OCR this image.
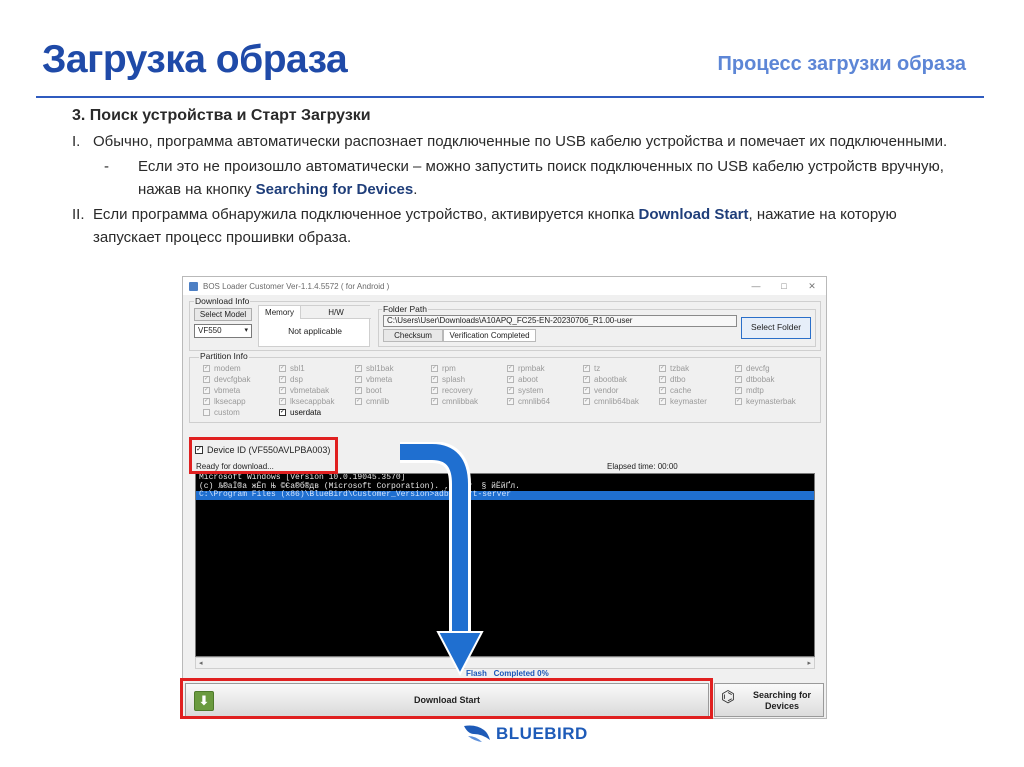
Загрузка образа	Процесс загрузки образа
3. Поиск устройства и Старт Загрузки
I. Обычно, программа автоматически распознает подключенные по USB кабелю устройства и помечает их подключенными.
- Если это не произошло автоматически – можно запустить поиск подключенных по USB кабелю устройств вручную, нажав на кнопку Searching for Devices.
II. Если программа обнаружила подключенное устройство, активируется кнопка Download Start, нажатие на которую запускает процесс прошивки образа.
BOS Loader Customer Ver-1.1.4.5572 ( for Android )	—	□	✕
Download Info
Select Model
VF550	▾
Memory	H/W
Not applicable
Folder Path
C:\Users\User\Downloads\A10APQ_FC25-EN-20230706_R1.00-user
Checksum	Verification Completed
Select Folder
Partition Info
✓ modem	✓ sbl1	✓ sbl1bak	✓ rpm	✓ rpmbak	✓ tz	✓ tzbak	✓ devcfg
✓ devcfgbak	✓ dsp	✓ vbmeta	✓ splash	✓ aboot	✓ abootbak	✓ dtbo	✓ dtbobak
✓ vbmeta	✓ vbmetabak	✓ boot	✓ recovery	✓ system	✓ vendor	✓ cache	✓ mdtp
✓ lksecapp	✓ lksecappbak	✓ cmnlib	✓ cmnlibbak	✓ cmnlib64	✓ cmnlib64bak	✓ keymaster	✓ keymasterbak
custom	✓ userdata
✓ Device ID (VF550AVLPBA003)
Ready for download...	Elapsed time: 00:00
Microsoft Windows [Version 10.0.19045.3570]
(c) Љ®аЇ®а жЁп Њ ©Єа®б®дв (Microsoft Corporation). ‚ᥠЇа ў  § йЁйҐл.
C:\Program Files (x86)\BlueBird\Customer_Version>adb start-server
◂	▸
Flash Completed 0%
⬇	Download Start	⌬	Searching for
Devices
BLUEBIRD
